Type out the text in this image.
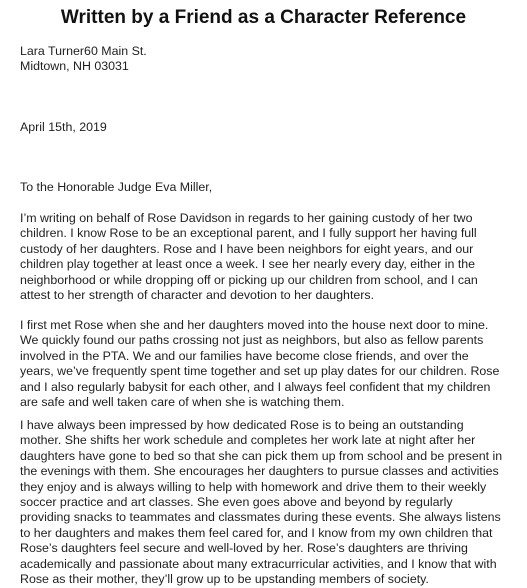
Written by a Friend as a Character Reference
Lara Turner60 Main St.
Midtown, NH 03031
April 15th, 2019
To the Honorable Judge Eva Miller,
I’m writing on behalf of Rose Davidson in regards to her gaining custody of her two
children. I know Rose to be an exceptional parent, and I fully support her having full
custody of her daughters. Rose and I have been neighbors for eight years, and our
children play together at least once a week. I see her nearly every day, either in the
neighborhood or while dropping off or picking up our children from school, and I can
attest to her strength of character and devotion to her daughters.
I first met Rose when she and her daughters moved into the house next door to mine.
We quickly found our paths crossing not just as neighbors, but also as fellow parents
involved in the PTA. We and our families have become close friends, and over the
years, we’ve frequently spent time together and set up play dates for our children. Rose
and I also regularly babysit for each other, and I always feel confident that my children
are safe and well taken care of when she is watching them.
I have always been impressed by how dedicated Rose is to being an outstanding
mother. She shifts her work schedule and completes her work late at night after her
daughters have gone to bed so that she can pick them up from school and be present in
the evenings with them. She encourages her daughters to pursue classes and activities
they enjoy and is always willing to help with homework and drive them to their weekly
soccer practice and art classes. She even goes above and beyond by regularly
providing snacks to teammates and classmates during these events. She always listens
to her daughters and makes them feel cared for, and I know from my own children that
Rose’s daughters feel secure and well-loved by her. Rose’s daughters are thriving
academically and passionate about many extracurricular activities, and I know that with
Rose as their mother, they’ll grow up to be upstanding members of society.
